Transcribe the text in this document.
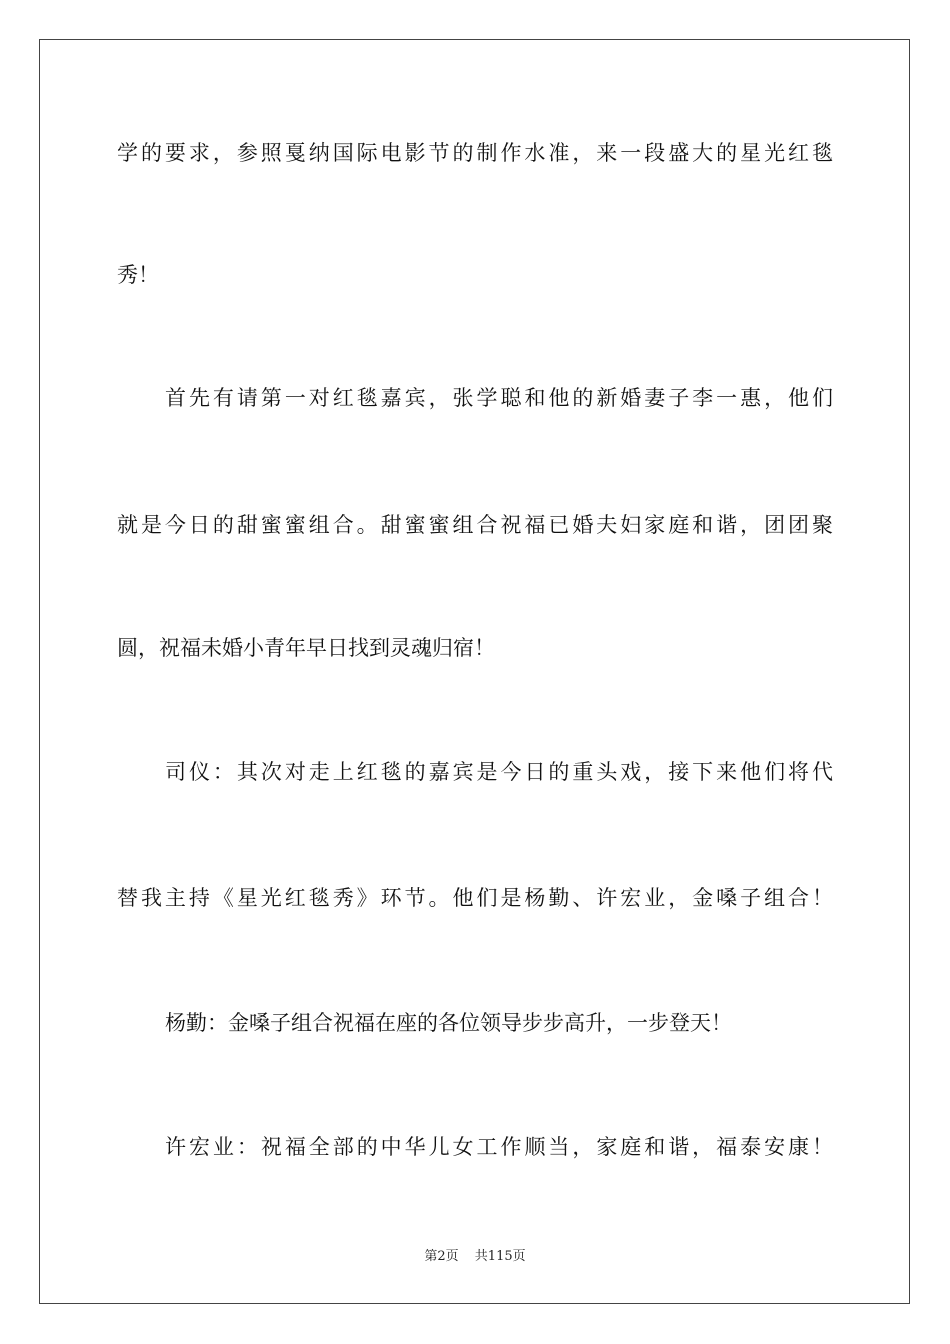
学的要求，参照戛纳国际电影节的制作水准，来一段盛大的星光红毯
秀！
首先有请第一对红毯嘉宾，张学聪和他的新婚妻子李一惠，他们
就是今日的甜蜜蜜组合。甜蜜蜜组合祝福已婚夫妇家庭和谐，团团聚
圆，祝福未婚小青年早日找到灵魂归宿！
司仪：其次对走上红毯的嘉宾是今日的重头戏，接下来他们将代
替我主持《星光红毯秀》环节。他们是杨勤、许宏业，金嗓子组合！
杨勤：金嗓子组合祝福在座的各位领导步步高升，一步登天！
许宏业：祝福全部的中华儿女工作顺当，家庭和谐，福泰安康！
第2页 共115页
